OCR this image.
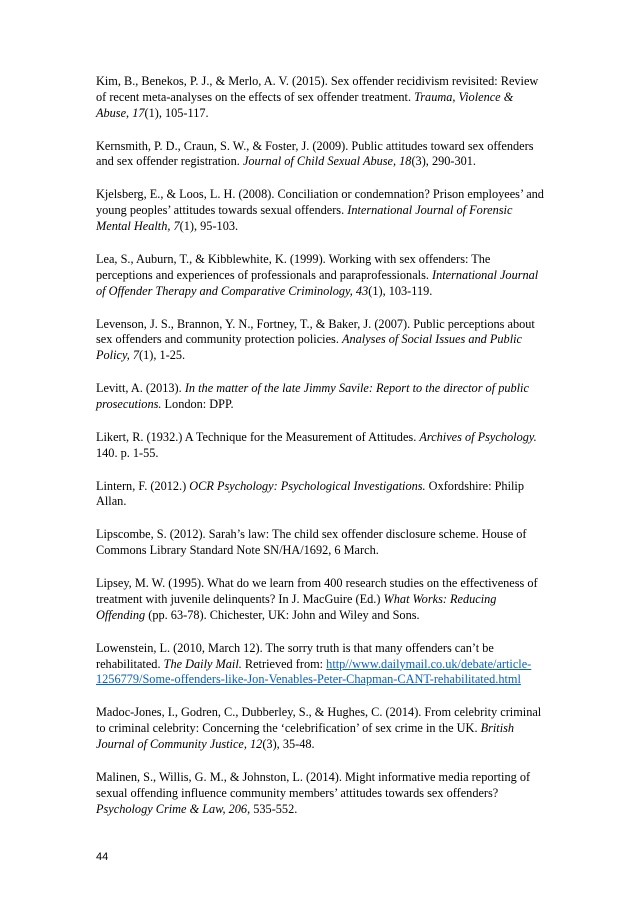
Kim, B., Benekos, P. J., & Merlo, A. V. (2015). Sex offender recidivism revisited: Review of recent meta-analyses on the effects of sex offender treatment. Trauma, Violence & Abuse, 17(1), 105-117.
Kernsmith, P. D., Craun, S. W., & Foster, J. (2009). Public attitudes toward sex offenders and sex offender registration. Journal of Child Sexual Abuse, 18(3), 290-301.
Kjelsberg, E., & Loos, L. H. (2008). Conciliation or condemnation? Prison employees’ and young peoples’ attitudes towards sexual offenders. International Journal of Forensic Mental Health, 7(1), 95-103.
Lea, S., Auburn, T., & Kibblewhite, K. (1999). Working with sex offenders: The perceptions and experiences of professionals and paraprofessionals. International Journal of Offender Therapy and Comparative Criminology, 43(1), 103-119.
Levenson, J. S., Brannon, Y. N., Fortney, T., & Baker, J. (2007). Public perceptions about sex offenders and community protection policies. Analyses of Social Issues and Public Policy, 7(1), 1-25.
Levitt, A. (2013). In the matter of the late Jimmy Savile: Report to the director of public prosecutions. London: DPP.
Likert, R. (1932.) A Technique for the Measurement of Attitudes. Archives of Psychology. 140. p. 1-55.
Lintern, F. (2012.) OCR Psychology: Psychological Investigations. Oxfordshire: Philip Allan.
Lipscombe, S. (2012). Sarah’s law: The child sex offender disclosure scheme. House of Commons Library Standard Note SN/HA/1692, 6 March.
Lipsey, M. W. (1995). What do we learn from 400 research studies on the effectiveness of treatment with juvenile delinquents? In J. MacGuire (Ed.) What Works: Reducing Offending (pp. 63-78). Chichester, UK: John and Wiley and Sons.
Lowenstein, L. (2010, March 12). The sorry truth is that many offenders can’t be rehabilitated. The Daily Mail. Retrieved from: http//www.dailymail.co.uk/debate/article-1256779/Some-offenders-like-Jon-Venables-Peter-Chapman-CANT-rehabilitated.html
Madoc-Jones, I., Godren, C., Dubberley, S., & Hughes, C. (2014). From celebrity criminal to criminal celebrity: Concerning the ‘celebrification’ of sex crime in the UK. British Journal of Community Justice, 12(3), 35-48.
Malinen, S., Willis, G. M., & Johnston, L. (2014). Might informative media reporting of sexual offending influence community members’ attitudes towards sex offenders? Psychology Crime & Law, 206, 535-552.
44
